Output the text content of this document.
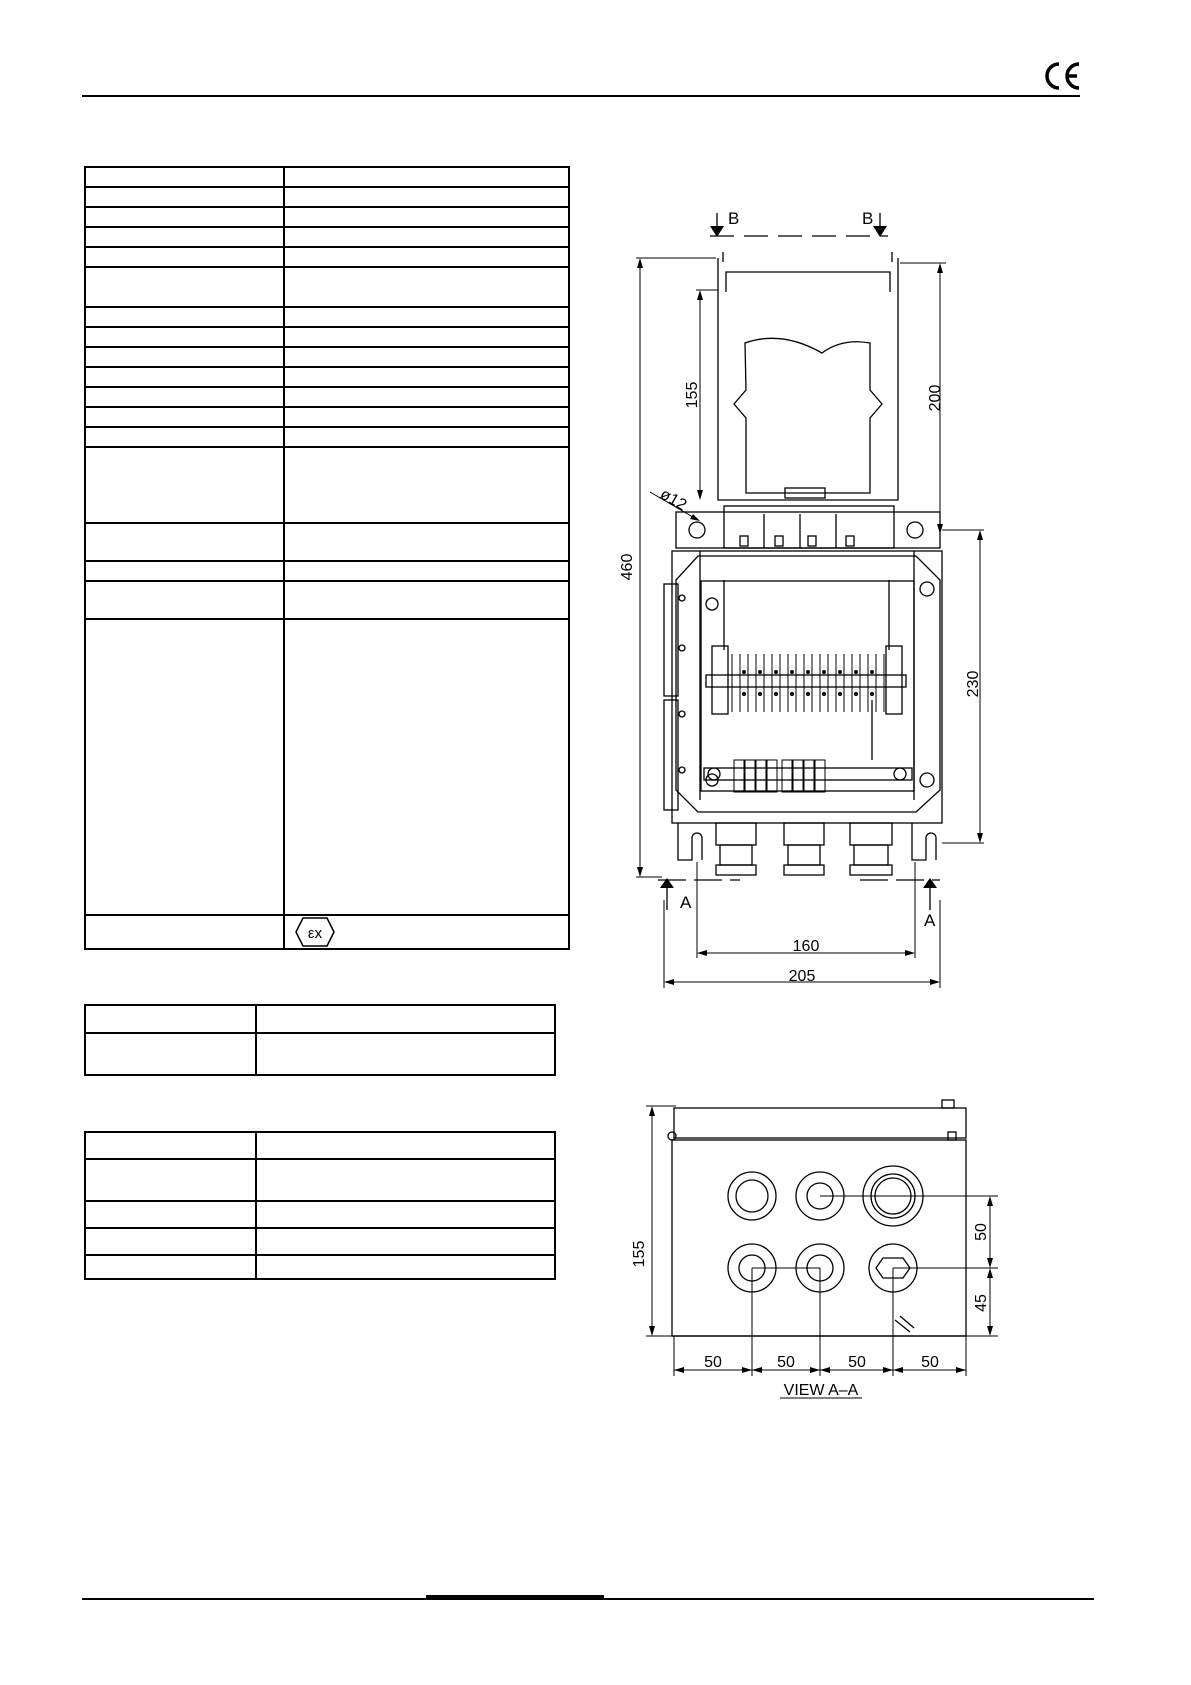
εx

B	B
A
A
155	200
460
ø12
230
160
205
155
50
45
50	50	50	50
VIEW A–A
